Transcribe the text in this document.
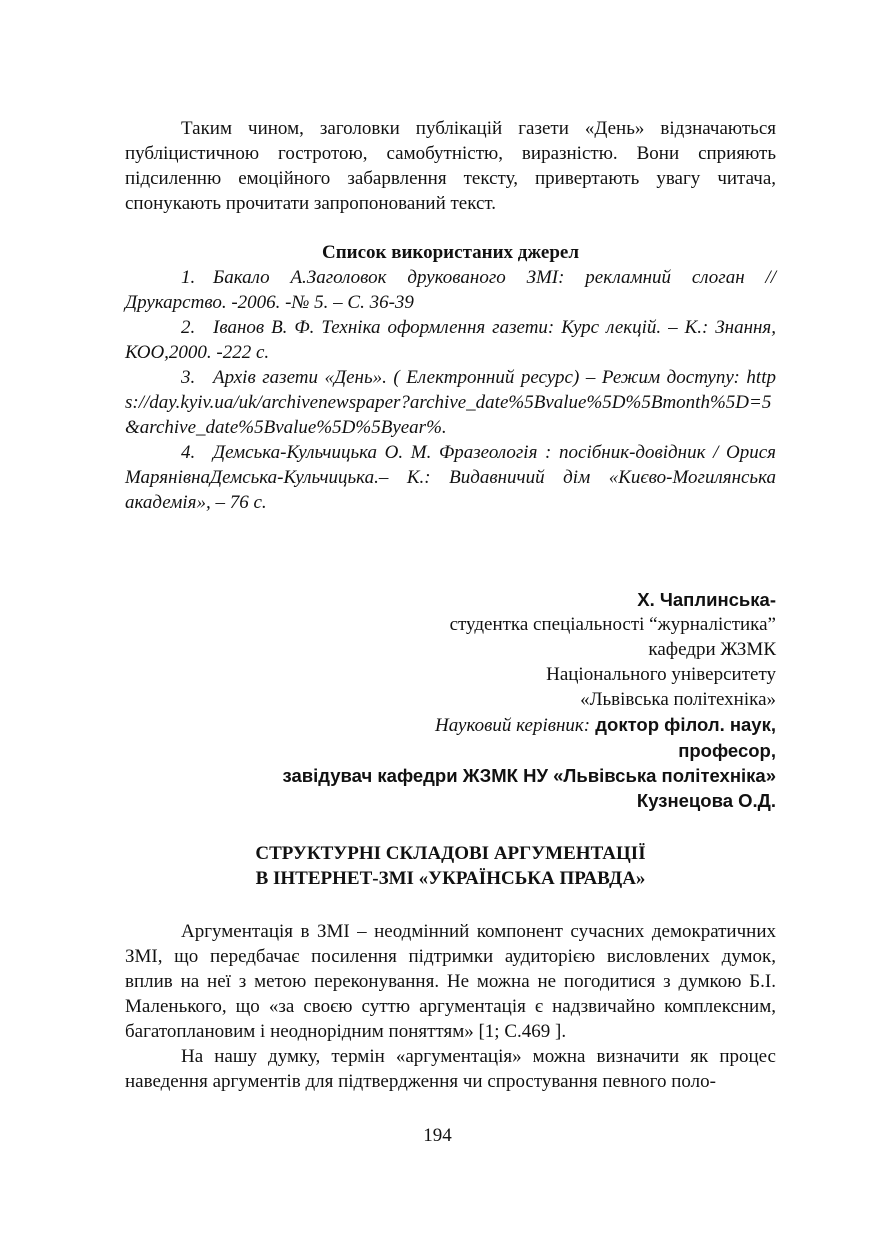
Таким чином, заголовки публікацій газети «День» відзначаються публіцистичною гостротою, самобутністю, виразністю. Вони сприяють підсиленню емоційного забарвлення тексту, привертають увагу читача, спонукають прочитати запропонований текст.

Список використаних джерел

1. Бакало А.Заголовок друкованого ЗМІ: рекламний слоган // Друкарство. -2006. -№ 5. – С. 36-39

2. Іванов В. Ф. Техніка оформлення газети: Курс лекцій. – К.: Знання, КОО,2000. -222 с.

3. Архів газети «День». ( Електронний ресурс) – Режим доступу: https://day.kyiv.ua/uk/archivenewspaper?archive_date%5Bvalue%5D%5Bmonth%5D=5&archive_date%5Bvalue%5D%5Byear%.

4. Демська-Кульчицька О. М. Фразеологія : посібник-довідник / Орися МарянівнаДемська-Кульчицька.– К.: Видавничий дім «Києво-Могилянська академія», – 76 с.

Х. Чаплинська-

студентка спеціальності “журналістика”

кафедри ЖЗМК

Національного університету

«Львівська політехніка»

Науковий керівник: доктор філол. наук,

професор,

завідувач кафедри ЖЗМК НУ «Львівська політехніка»

Кузнецова О.Д.

СТРУКТУРНІ СКЛАДОВІ АРГУМЕНТАЦІЇ

В ІНТЕРНЕТ-ЗМІ «УКРАЇНСЬКА ПРАВДА»

Аргументація в ЗМІ – неодмінний компонент сучасних демократичних ЗМІ, що передбачає посилення підтримки аудиторією висловлених думок, вплив на неї з метою переконування. Не можна не погодитися з думкою Б.І. Маленького, що «за своєю суттю аргументація є надзвичайно комплексним, багатоплановим і неоднорідним поняттям» [1; С.469 ].

На нашу думку, термін «аргументація» можна визначити як процес наведення аргументів для підтвердження чи спростування певного поло-

194
